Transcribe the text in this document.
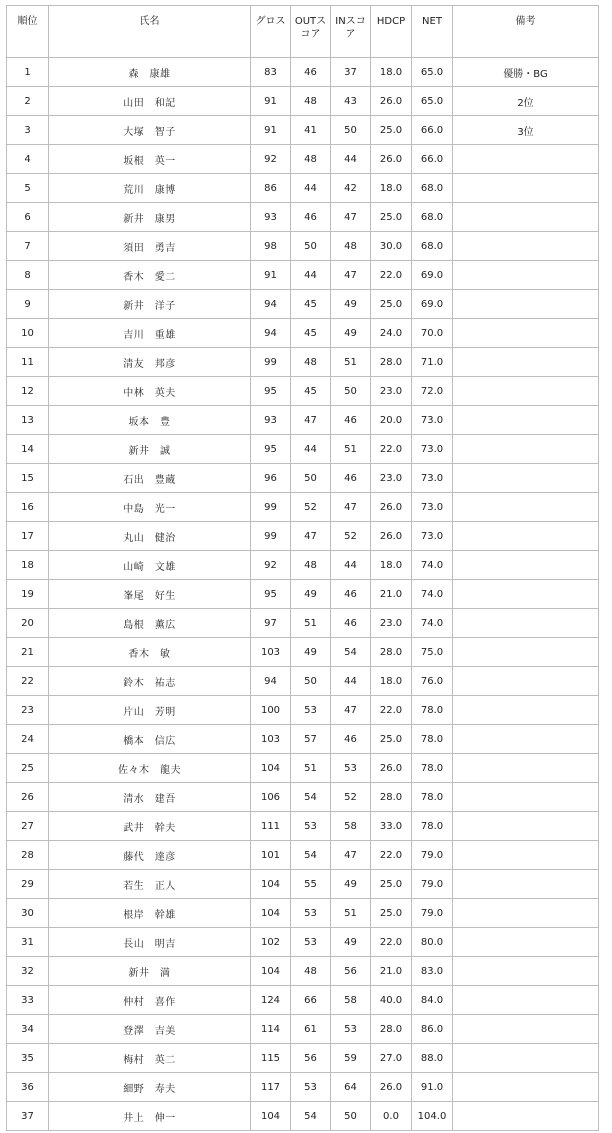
順位	氏名	グロス	OUTスコア	INスコア	HDCP	NET	備考
1	森　康雄	83	46	37	18.0	65.0	優勝・BG
2	山田　和記	91	48	43	26.0	65.0	2位
3	大塚　智子	91	41	50	25.0	66.0	3位
4	坂根　英一	92	48	44	26.0	66.0	
5	荒川　康博	86	44	42	18.0	68.0	
6	新井　康男	93	46	47	25.0	68.0	
7	須田　勇吉	98	50	48	30.0	68.0	
8	香木　愛二	91	44	47	22.0	69.0	
9	新井　洋子	94	45	49	25.0	69.0	
10	吉川　重雄	94	45	49	24.0	70.0	
11	清友　邦彦	99	48	51	28.0	71.0	
12	中林　英夫	95	45	50	23.0	72.0	
13	坂本　豊	93	47	46	20.0	73.0	
14	新井　誠	95	44	51	22.0	73.0	
15	石出　豊蔵	96	50	46	23.0	73.0	
16	中島　光一	99	52	47	26.0	73.0	
17	丸山　健治	99	47	52	26.0	73.0	
18	山崎　文雄	92	48	44	18.0	74.0	
19	峯尾　好生	95	49	46	21.0	74.0	
20	島根　薫広	97	51	46	23.0	74.0	
21	香木　敏	103	49	54	28.0	75.0	
22	鈴木　祐志	94	50	44	18.0	76.0	
23	片山　芳明	100	53	47	22.0	78.0	
24	橋本　信広	103	57	46	25.0	78.0	
25	佐々木　龍夫	104	51	53	26.0	78.0	
26	清水　建吾	106	54	52	28.0	78.0	
27	武井　幹夫	111	53	58	33.0	78.0	
28	藤代　達彦	101	54	47	22.0	79.0	
29	若生　正人	104	55	49	25.0	79.0	
30	根岸　幹雄	104	53	51	25.0	79.0	
31	長山　明吉	102	53	49	22.0	80.0	
32	新井　満	104	48	56	21.0	83.0	
33	仲村　喜作	124	66	58	40.0	84.0	
34	登澤　吉美	114	61	53	28.0	86.0	
35	梅村　英二	115	56	59	27.0	88.0	
36	細野　寿夫	117	53	64	26.0	91.0	
37	井上　伸一	104	54	50	0.0	104.0	
